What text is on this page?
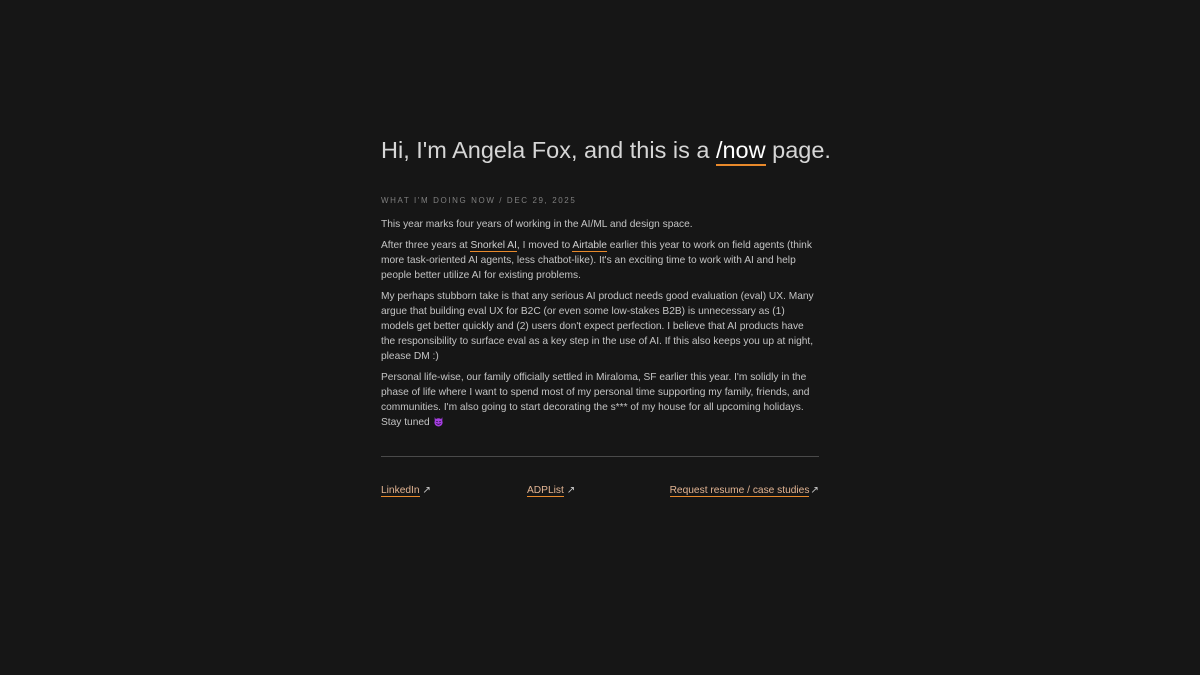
Hi, I'm Angela Fox, and this is a /now page.
WHAT I'M DOING NOW / DEC 29, 2025

This year marks four years of working in the AI/ML and design space.

After three years at Snorkel AI, I moved to Airtable earlier this year to work on field agents (think more task-oriented AI agents, less chatbot-like). It's an exciting time to work with AI and help people better utilize AI for existing problems.

My perhaps stubborn take is that any serious AI product needs good evaluation (eval) UX. Many argue that building eval UX for B2C (or even some low-stakes B2B) is unnecessary as (1) models get better quickly and (2) users don't expect perfection. I believe that AI products have the responsibility to surface eval as a key step in the use of AI. If this also keeps you up at night, please DM :)

Personal life-wise, our family officially settled in Miraloma, SF earlier this year. I'm solidly in the phase of life where I want to spend most of my personal time supporting my family, friends, and communities. I'm also going to start decorating the s*** of my house for all upcoming holidays. Stay tuned

LinkedIn ↗	ADPList ↗	Request resume / case studies↗
